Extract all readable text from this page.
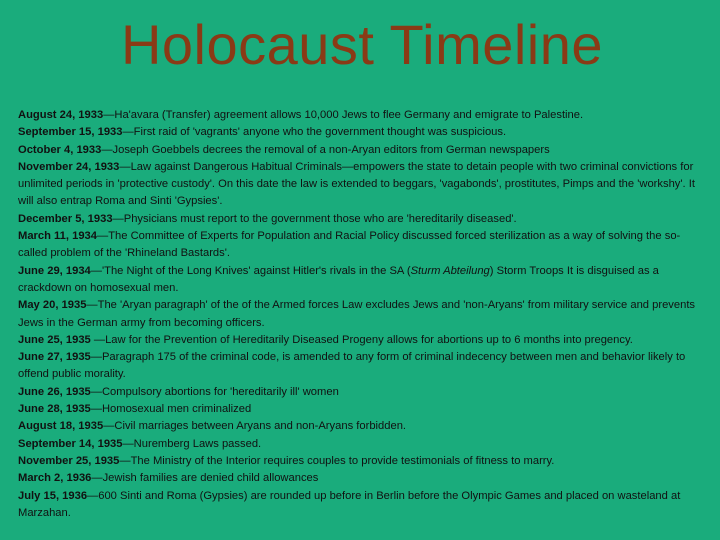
Holocaust Timeline

August 24, 1933—Ha'avara (Transfer) agreement allows 10,000 Jews to flee Germany and emigrate to Palestine.

September 15, 1933—First raid of 'vagrants' anyone who the government thought was suspicious.

October 4, 1933—Joseph Goebbels decrees the removal of a non-Aryan editors from German newspapers

November 24, 1933—Law against Dangerous Habitual Criminals—empowers the state to detain people with two criminal convictions for unlimited periods in 'protective custody'. On this date the law is extended to beggars, 'vagabonds', prostitutes, Pimps and the 'workshy'. It will also entrap Roma and Sinti 'Gypsies'.

December 5, 1933—Physicians must report to the government those who are 'hereditarily diseased'.

March 11, 1934—The Committee of Experts for Population and Racial Policy discussed forced sterilization as a way of solving the so-called problem of the 'Rhineland Bastards'.

June 29, 1934—'The Night of the Long Knives' against Hitler's rivals in the SA (Sturm Abteilung) Storm Troops It is disguised as a crackdown on homosexual men.

May 20, 1935—The 'Aryan paragraph' of the of the Armed forces Law excludes Jews and 'non-Aryans' from military service and prevents Jews in the German army from becoming officers.

June 25, 1935 —Law for the Prevention of Hereditarily Diseased Progeny allows for abortions up to 6 months into pregency.

June 27, 1935—Paragraph 175 of the criminal code, is amended to any form of criminal indecency between men and behavior likely to offend public morality.

June 26, 1935—Compulsory abortions for 'hereditarily ill' women

June 28, 1935—Homosexual men criminalized

August 18, 1935—Civil marriages between Aryans and non-Aryans forbidden.

September 14, 1935—Nuremberg Laws passed.

November 25, 1935—The Ministry of the Interior requires couples to provide testimonials of fitness to marry.

March 2, 1936—Jewish families are denied child allowances

July 15, 1936—600 Sinti and Roma (Gypsies) are rounded up before in Berlin before the Olympic Games and placed on wasteland at Marzahan.
